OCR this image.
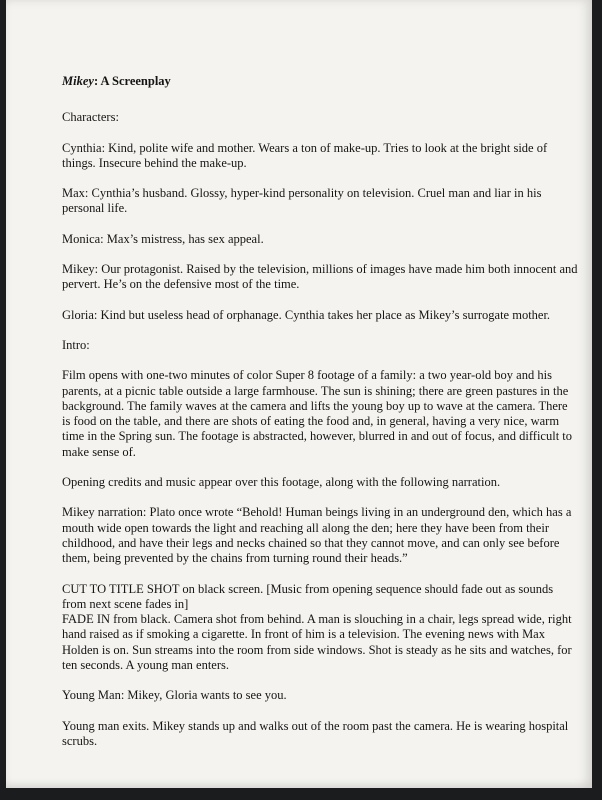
Mikey: A Screenplay

Characters:

Cynthia: Kind, polite wife and mother. Wears a ton of make-up. Tries to look at the bright side of things. Insecure behind the make-up.

Max: Cynthia’s husband. Glossy, hyper-kind personality on television. Cruel man and liar in his personal life.

Monica: Max’s mistress, has sex appeal.

Mikey: Our protagonist. Raised by the television, millions of images have made him both innocent and pervert. He’s on the defensive most of the time.

Gloria: Kind but useless head of orphanage. Cynthia takes her place as Mikey’s surrogate mother.

Intro:

Film opens with one-two minutes of color Super 8 footage of a family: a two year-old boy and his parents, at a picnic table outside a large farmhouse. The sun is shining; there are green pastures in the background. The family waves at the camera and lifts the young boy up to wave at the camera. There is food on the table, and there are shots of eating the food and, in general, having a very nice, warm time in the Spring sun. The footage is abstracted, however, blurred in and out of focus, and difficult to make sense of.

Opening credits and music appear over this footage, along with the following narration.

Mikey narration: Plato once wrote “Behold! Human beings living in an underground den, which has a mouth wide open towards the light and reaching all along the den; here they have been from their childhood, and have their legs and necks chained so that they cannot move, and can only see before them, being prevented by the chains from turning round their heads.”

CUT TO TITLE SHOT on black screen. [Music from opening sequence should fade out as sounds from next scene fades in]

FADE IN from black. Camera shot from behind. A man is slouching in a chair, legs spread wide, right hand raised as if smoking a cigarette. In front of him is a television. The evening news with Max Holden is on. Sun streams into the room from side windows. Shot is steady as he sits and watches, for ten seconds. A young man enters.

Young Man: Mikey, Gloria wants to see you.

Young man exits. Mikey stands up and walks out of the room past the camera. He is wearing hospital scrubs.
